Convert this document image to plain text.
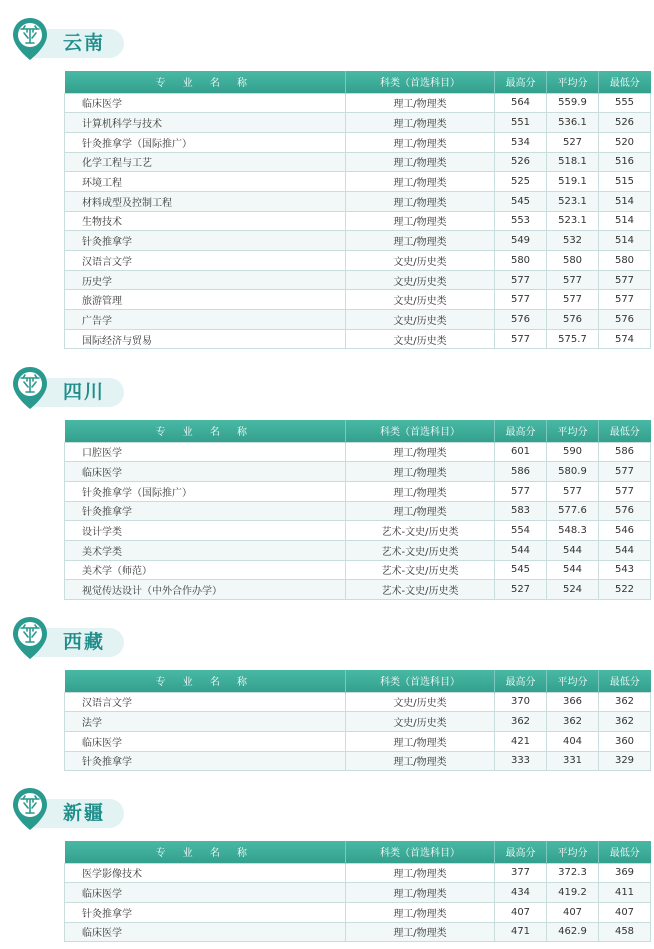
云南
专 业 名 称	科类（首选科目）	最高分	平均分	最低分
临床医学	理工/物理类	564	559.9	555
计算机科学与技术	理工/物理类	551	536.1	526
针灸推拿学（国际推广）	理工/物理类	534	527	520
化学工程与工艺	理工/物理类	526	518.1	516
环境工程	理工/物理类	525	519.1	515
材料成型及控制工程	理工/物理类	545	523.1	514
生物技术	理工/物理类	553	523.1	514
针灸推拿学	理工/物理类	549	532	514
汉语言文学	文史/历史类	580	580	580
历史学	文史/历史类	577	577	577
旅游管理	文史/历史类	577	577	577
广告学	文史/历史类	576	576	576
国际经济与贸易	文史/历史类	577	575.7	574
四川
专 业 名 称	科类（首选科目）	最高分	平均分	最低分
口腔医学	理工/物理类	601	590	586
临床医学	理工/物理类	586	580.9	577
针灸推拿学（国际推广）	理工/物理类	577	577	577
针灸推拿学	理工/物理类	583	577.6	576
设计学类	艺术-文史/历史类	554	548.3	546
美术学类	艺术-文史/历史类	544	544	544
美术学（师范）	艺术-文史/历史类	545	544	543
视觉传达设计（中外合作办学）	艺术-文史/历史类	527	524	522
西藏
专 业 名 称	科类（首选科目）	最高分	平均分	最低分
汉语言文学	文史/历史类	370	366	362
法学	文史/历史类	362	362	362
临床医学	理工/物理类	421	404	360
针灸推拿学	理工/物理类	333	331	329
新疆
专 业 名 称	科类（首选科目）	最高分	平均分	最低分
医学影像技术	理工/物理类	377	372.3	369
临床医学	理工/物理类	434	419.2	411
针灸推拿学	理工/物理类	407	407	407
临床医学	理工/物理类	471	462.9	458
